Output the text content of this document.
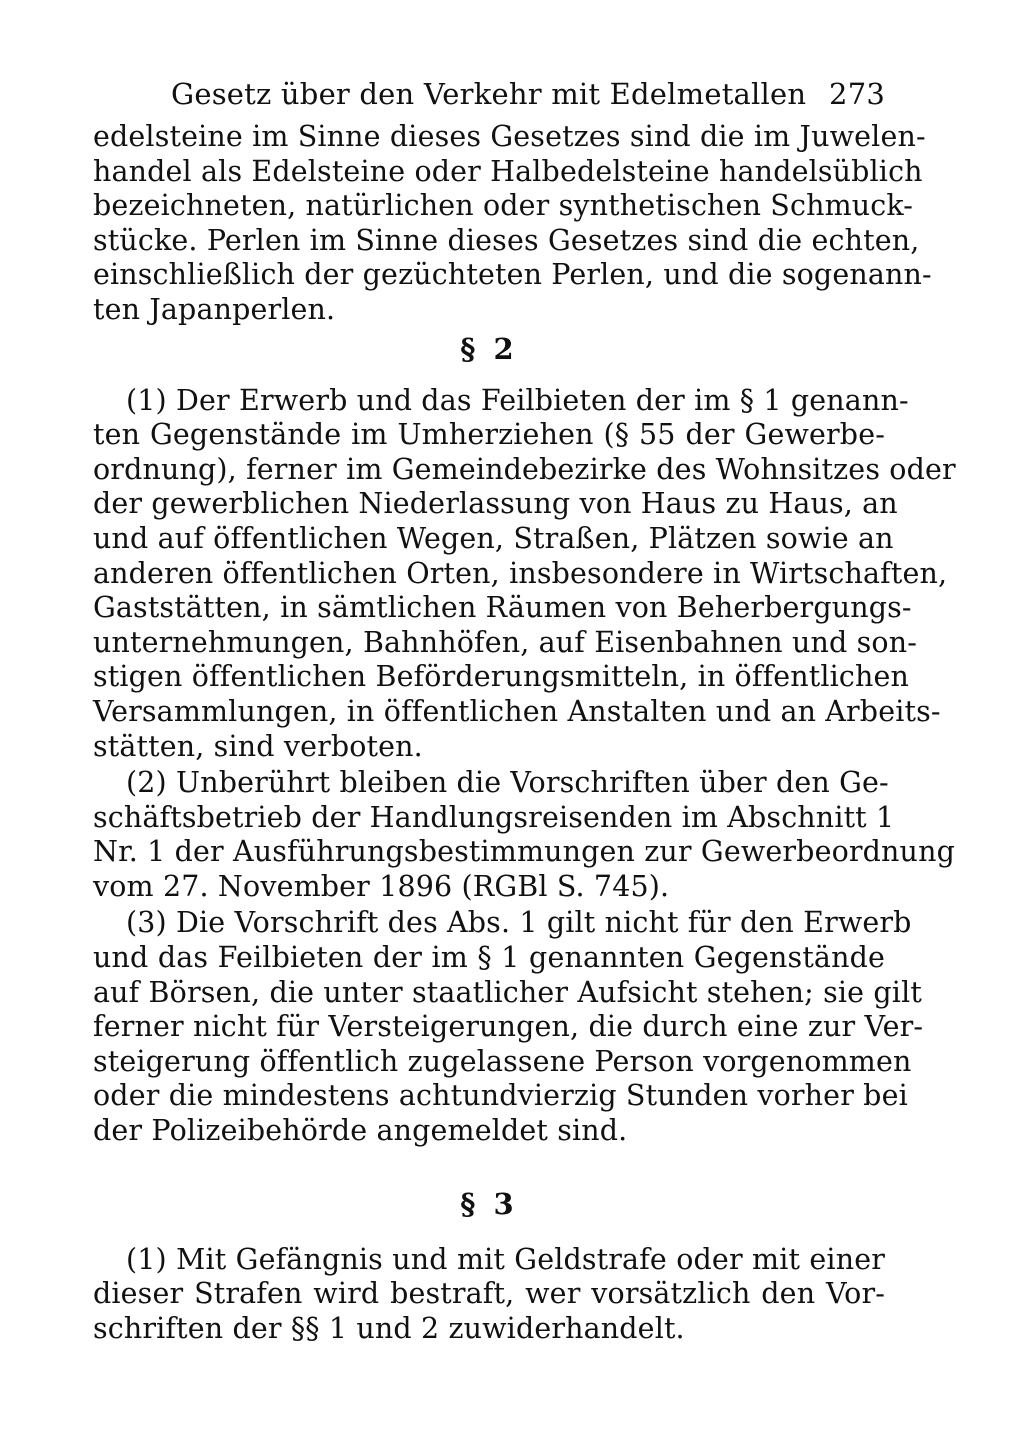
Gesetz über den Verkehr mit Edelmetallen 273
edelsteine im Sinne dieses Gesetzes sind die im Juwelen-
handel als Edelsteine oder Halbedelsteine handelsüblich
bezeichneten, natürlichen oder synthetischen Schmuck-
stücke. Perlen im Sinne dieses Gesetzes sind die echten,
einschließlich der gezüchteten Perlen, und die sogenann-
ten Japanperlen.
§ 2
(1) Der Erwerb und das Feilbieten der im § 1 genann-
ten Gegenstände im Umherziehen (§ 55 der Gewerbe-
ordnung), ferner im Gemeindebezirke des Wohnsitzes oder
der gewerblichen Niederlassung von Haus zu Haus, an
und auf öffentlichen Wegen, Straßen, Plätzen sowie an
anderen öffentlichen Orten, insbesondere in Wirtschaften,
Gaststätten, in sämtlichen Räumen von Beherbergungs-
unternehmungen, Bahnhöfen, auf Eisenbahnen und son-
stigen öffentlichen Beförderungsmitteln, in öffentlichen
Versammlungen, in öffentlichen Anstalten und an Arbeits-
stätten, sind verboten.
(2) Unberührt bleiben die Vorschriften über den Ge-
schäftsbetrieb der Handlungsreisenden im Abschnitt 1
Nr. 1 der Ausführungsbestimmungen zur Gewerbeordnung
vom 27. November 1896 (RGBl S. 745).
(3) Die Vorschrift des Abs. 1 gilt nicht für den Erwerb
und das Feilbieten der im § 1 genannten Gegenstände
auf Börsen, die unter staatlicher Aufsicht stehen; sie gilt
ferner nicht für Versteigerungen, die durch eine zur Ver-
steigerung öffentlich zugelassene Person vorgenommen
oder die mindestens achtundvierzig Stunden vorher bei
der Polizeibehörde angemeldet sind.
§ 3
(1) Mit Gefängnis und mit Geldstrafe oder mit einer
dieser Strafen wird bestraft, wer vorsätzlich den Vor-
schriften der §§ 1 und 2 zuwiderhandelt.
